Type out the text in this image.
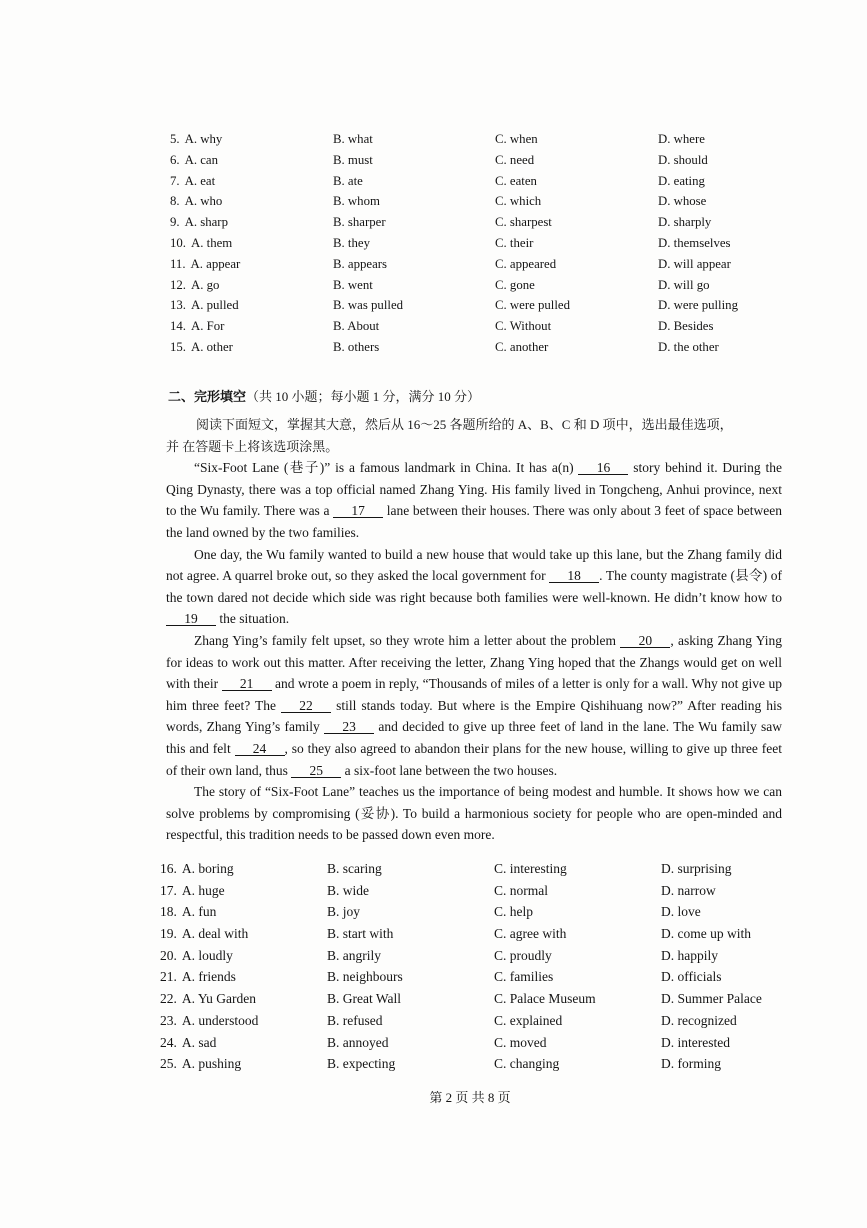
5. A. why	B. what	C. when	D. where
6. A. can	B. must	C. need	D. should
7. A. eat	B. ate	C. eaten	D. eating
8. A. who	B. whom	C. which	D. whose
9. A. sharp	B. sharper	C. sharpest	D. sharply
10. A. them	B. they	C. their	D. themselves
11. A. appear	B. appears	C. appeared	D. will appear
12. A. go	B. went	C. gone	D. will go
13. A. pulled	B. was pulled	C. were pulled	D. were pulling
14. A. For	B. About	C. Without	D. Besides
15. A. other	B. others	C. another	D. the other
二、完形填空（共 10 小题；每小题 1 分，满分 10 分）
阅读下面短文，掌握其大意，然后从 16～25 各题所给的 A、B、C 和 D 项中，选出最佳选项，
并 在答题卡上将该选项涂黑。

“Six-Foot Lane (巷子)” is a famous landmark in China. It has a(n) 16 story behind it. During the Qing Dynasty, there was a top official named Zhang Ying. His family lived in Tongcheng, Anhui province, next to the Wu family. There was a 17 lane between their houses. There was only about 3 feet of space between the land owned by the two families.

One day, the Wu family wanted to build a new house that would take up this lane, but the Zhang family did not agree. A quarrel broke out, so they asked the local government for 18 . The county magistrate (县令) of the town dared not decide which side was right because both families were well-known. He didn’t know how to 19 the situation.

Zhang Ying’s family felt upset, so they wrote him a letter about the problem 20 , asking Zhang Ying for ideas to work out this matter. After receiving the letter, Zhang Ying hoped that the Zhangs would get on well with their 21 and wrote a poem in reply, “Thousands of miles of a letter is only for a wall. Why not give up him three feet? The 22 still stands today. But where is the Empire Qishihuang now?” After reading his words, Zhang Ying’s family 23 and decided to give up three feet of land in the lane. The Wu family saw this and felt 24 , so they also agreed to abandon their plans for the new house, willing to give up three feet of their own land, thus 25 a six-foot lane between the two houses.

The story of “Six-Foot Lane” teaches us the importance of being modest and humble. It shows how we can solve problems by compromising (妥协). To build a harmonious society for people who are open-minded and respectful, this tradition needs to be passed down even more.

16. A. boring	B. scaring	C. interesting	D. surprising
17. A. huge	B. wide	C. normal	D. narrow
18. A. fun	B. joy	C. help	D. love
19. A. deal with	B. start with	C. agree with	D. come up with
20. A. loudly	B. angrily	C. proudly	D. happily
21. A. friends	B. neighbours	C. families	D. officials
22. A. Yu Garden	B. Great Wall	C. Palace Museum	D. Summer Palace
23. A. understood	B. refused	C. explained	D. recognized
24. A. sad	B. annoyed	C. moved	D. interested
25. A. pushing	B. expecting	C. changing	D. forming
第 2 页 共 8 页
